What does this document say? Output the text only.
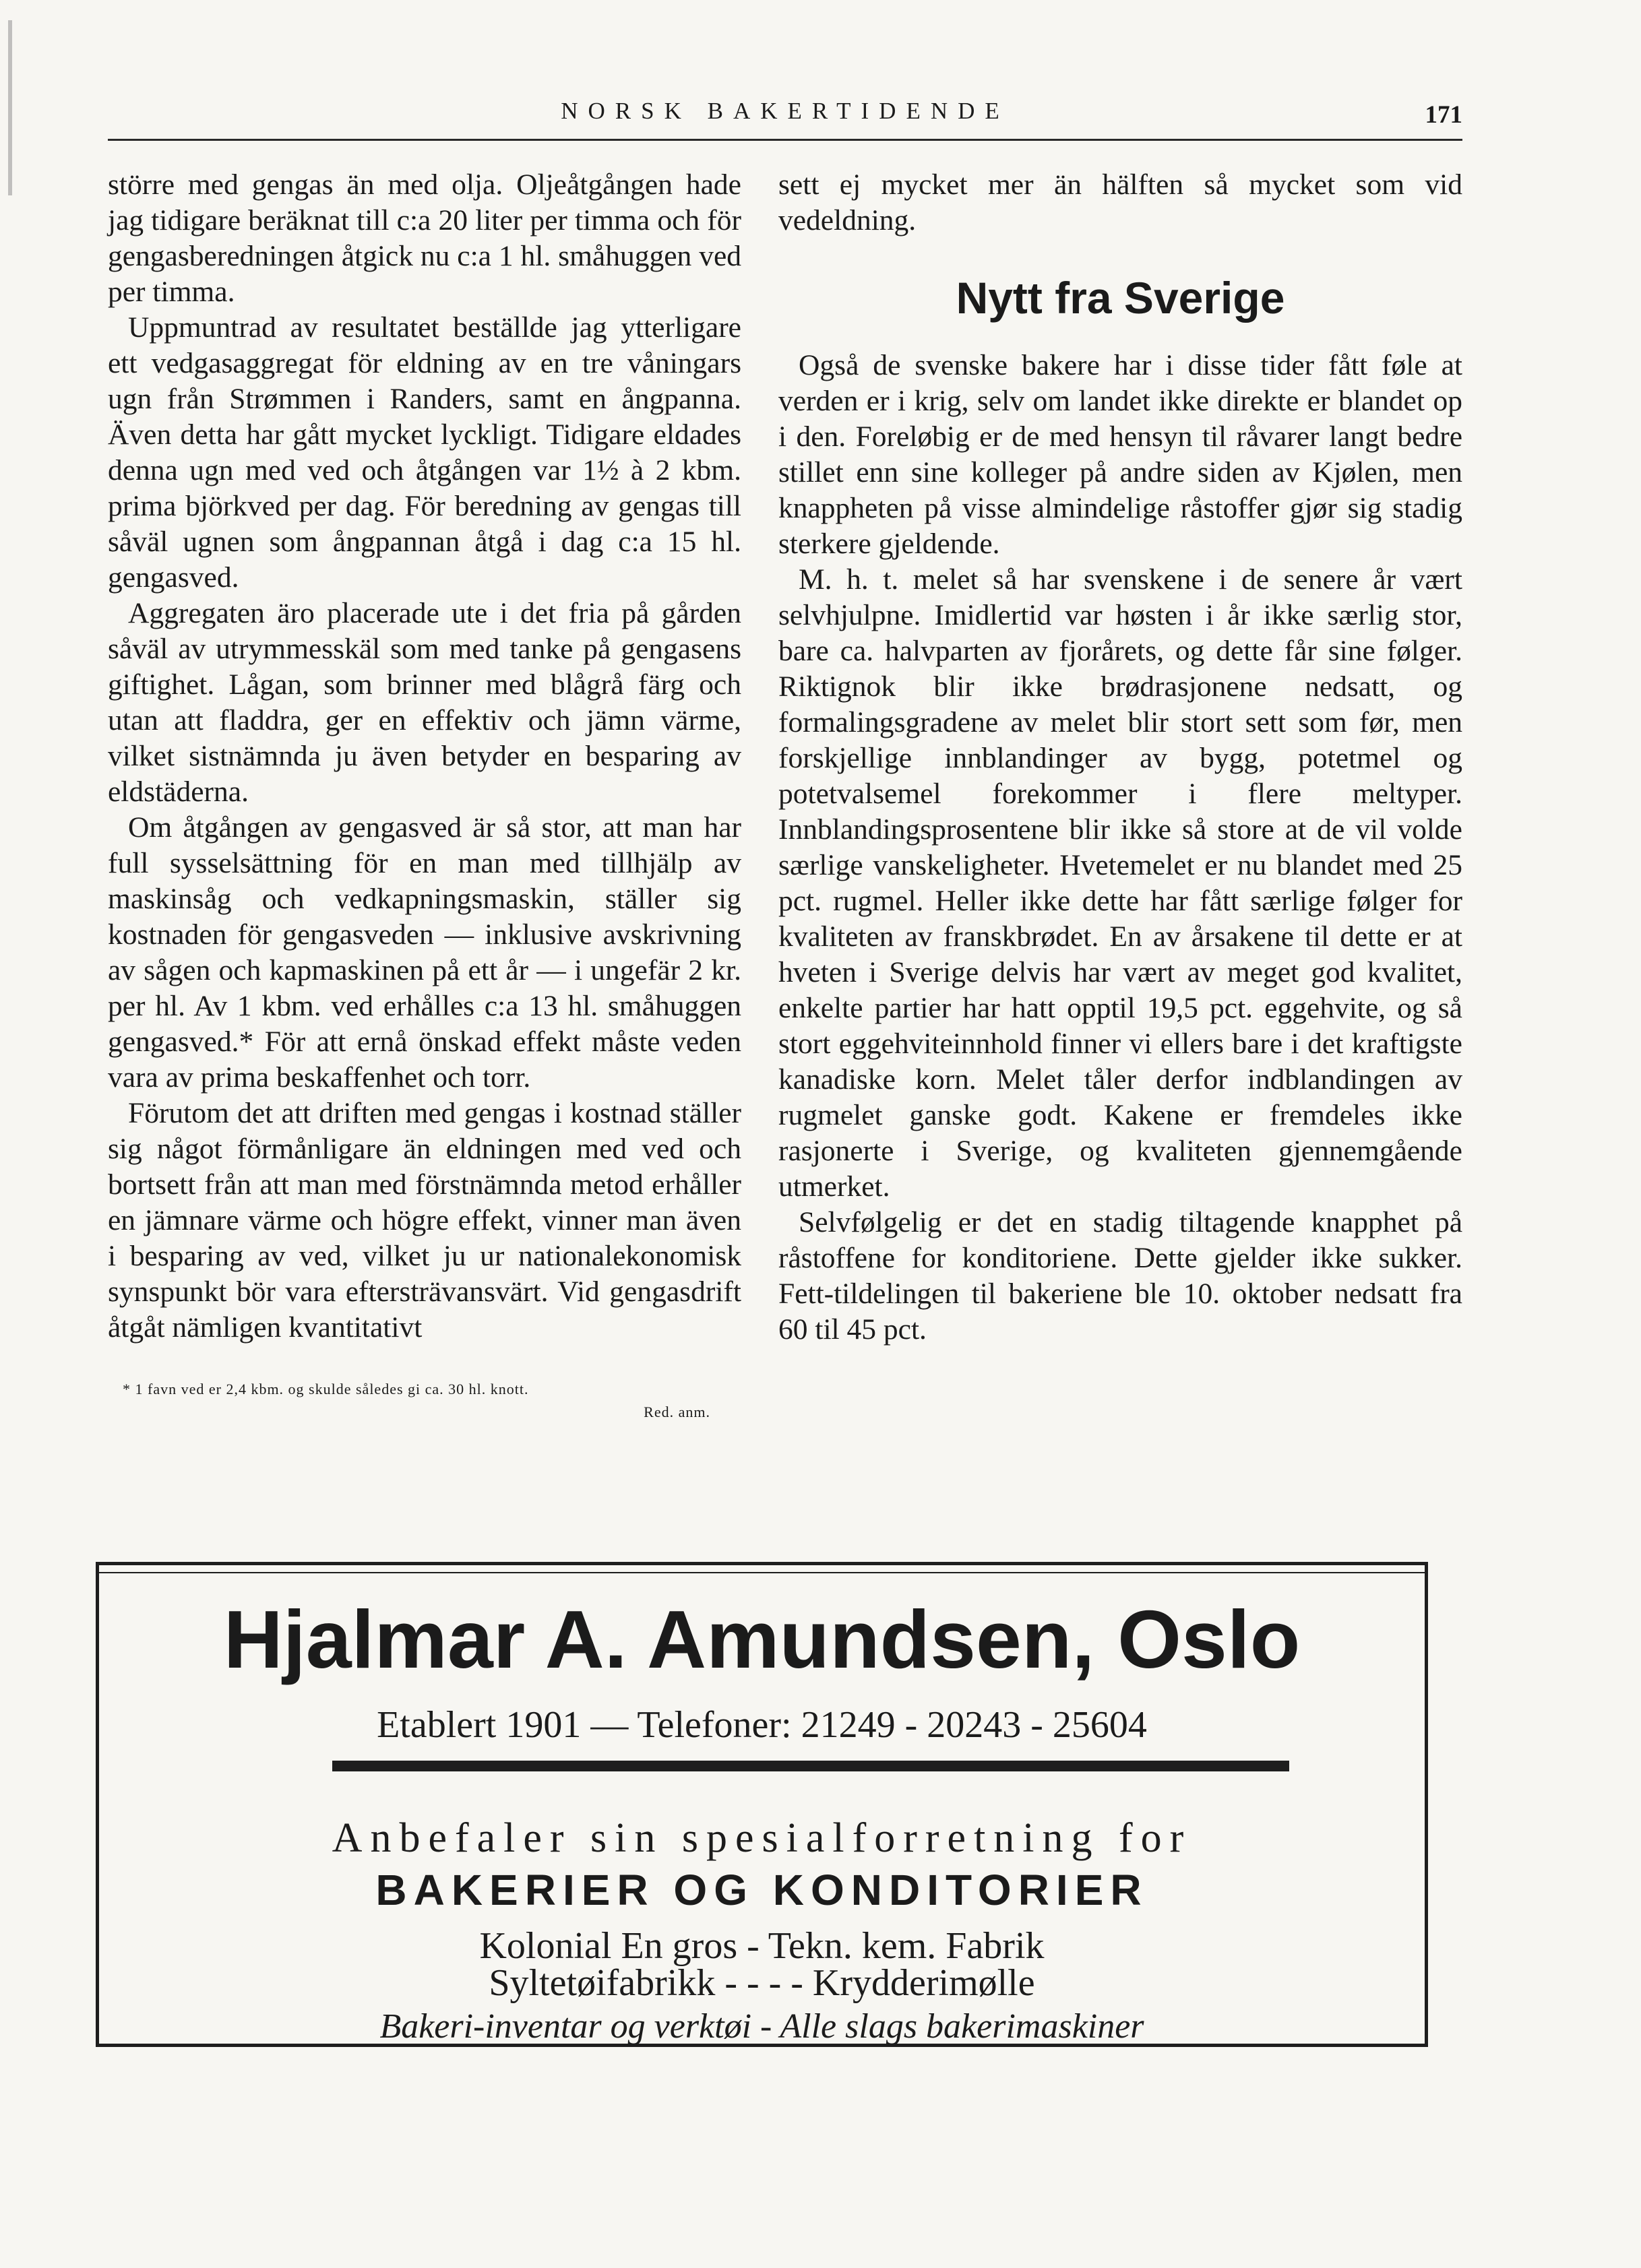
NORSK BAKERTIDENDE	171

större med gengas än med olja. Oljeåtgången hade jag tidigare beräknat till c:a 20 liter per timma och för gengasberedningen åtgick nu c:a 1 hl. småhuggen ved per timma.

Uppmuntrad av resultatet beställde jag ytterligare ett vedgasaggregat för eldning av en tre våningars ugn från Strømmen i Randers, samt en ångpanna. Även detta har gått mycket lyckligt. Tidigare eldades denna ugn med ved och åtgången var 1½ à 2 kbm. prima björkved per dag. För beredning av gengas till såväl ugnen som ångpannan åtgå i dag c:a 15 hl. gengasved.

Aggregaten äro placerade ute i det fria på gården såväl av utrymmesskäl som med tanke på gengasens giftighet. Lågan, som brinner med blågrå färg och utan att fladdra, ger en effektiv och jämn värme, vilket sistnämnda ju även betyder en besparing av eldstäderna.

Om åtgången av gengasved är så stor, att man har full sysselsättning för en man med tillhjälp av maskinsåg och vedkapningsmaskin, ställer sig kostnaden för gengasveden — inklusive avskrivning av sågen och kapmaskinen på ett år — i ungefär 2 kr. per hl. Av 1 kbm. ved erhålles c:a 13 hl. småhuggen gengasved.* För att ernå önskad effekt måste veden vara av prima beskaffenhet och torr.

Förutom det att driften med gengas i kostnad ställer sig något förmånligare än eldningen med ved och bortsett från att man med förstnämnda metod erhåller en jämnare värme och högre effekt, vinner man även i besparing av ved, vilket ju ur nationalekonomisk synspunkt bör vara eftersträvansvärt. Vid gengasdrift åtgåt nämligen kvantitativt

* 1 favn ved er 2,4 kbm. og skulde således gi ca. 30 hl. knott.
Red. anm.

sett ej mycket mer än hälften så mycket som vid vedeldning.

Nytt fra Sverige

Også de svenske bakere har i disse tider fått føle at verden er i krig, selv om landet ikke direkte er blandet op i den. Foreløbig er de med hensyn til råvarer langt bedre stillet enn sine kolleger på andre siden av Kjølen, men knappheten på visse almindelige råstoffer gjør sig stadig sterkere gjeldende.

M. h. t. melet så har svenskene i de senere år vært selvhjulpne. Imidlertid var høsten i år ikke særlig stor, bare ca. halvparten av fjorårets, og dette får sine følger. Riktignok blir ikke brødrasjonene nedsatt, og formalingsgradene av melet blir stort sett som før, men forskjellige innblandinger av bygg, potetmel og potetvalsemel forekommer i flere meltyper. Innblandingsprosentene blir ikke så store at de vil volde særlige vanskeligheter. Hvetemelet er nu blandet med 25 pct. rugmel. Heller ikke dette har fått særlige følger for kvaliteten av franskbrødet. En av årsakene til dette er at hveten i Sverige delvis har vært av meget god kvalitet, enkelte partier har hatt opptil 19,5 pct. eggehvite, og så stort eggehviteinnhold finner vi ellers bare i det kraftigste kanadiske korn. Melet tåler derfor indblandingen av rugmelet ganske godt. Kakene er fremdeles ikke rasjonerte i Sverige, og kvaliteten gjennemgående utmerket.

Selvfølgelig er det en stadig tiltagende knapphet på råstoffene for konditoriene. Dette gjelder ikke sukker. Fett-tildelingen til bakeriene ble 10. oktober nedsatt fra 60 til 45 pct.

Hjalmar A. Amundsen, Oslo
Etablert 1901 — Telefoner: 21249 - 20243 - 25604
Anbefaler sin spesialforretning for
BAKERIER OG KONDITORIER
Kolonial En gros - Tekn. kem. Fabrik
Syltetøifabrikk - - - - Krydderimølle
Bakeri-inventar og verktøi - Alle slags bakerimaskiner
